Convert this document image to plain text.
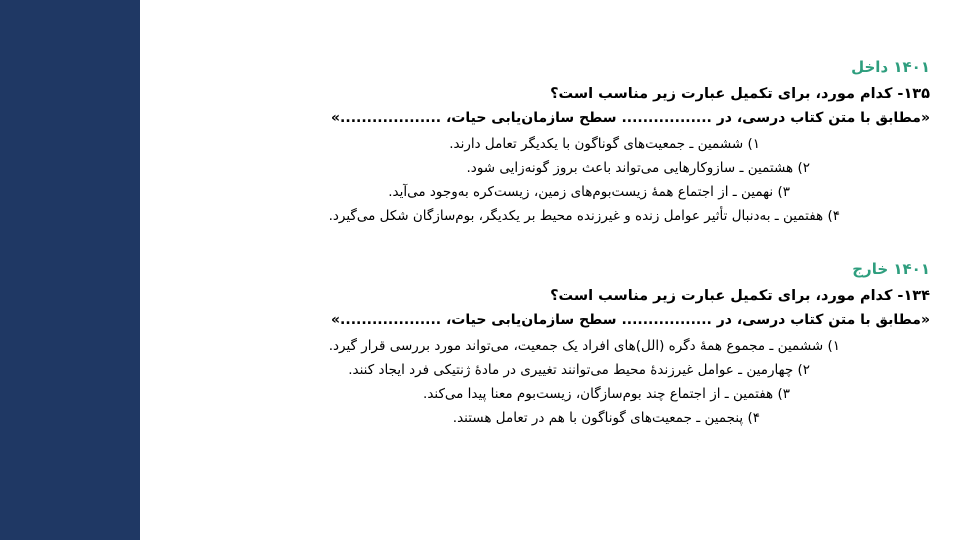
۱۴۰۱ داخل
۱۳۵- کدام مورد، برای تکمیل عبارت زیر مناسب است؟
«مطابق با متن کتاب درسی، در ................. سطح سازمان‌یابی حیات، ...................»
۱) ششمین ـ جمعیت‌های گوناگون با یکدیگر تعامل دارند.
۲) هشتمین ـ سازوکارهایی می‌تواند باعث بروز گونه‌زایی شود.
۳) نهمین ـ از اجتماع همهٔ زیست‌بوم‌های زمین، زیست‌کره به‌وجود می‌آید.
۴) هفتمین ـ به‌دنبال تأثیر عوامل زنده و غیرزنده محیط بر یکدیگر، بوم‌سازگان شکل می‌گیرد.
۱۴۰۱ خارج
۱۳۴- کدام مورد، برای تکمیل عبارت زیر مناسب است؟
«مطابق با متن کتاب درسی، در ................. سطح سازمان‌یابی حیات، ...................»
۱) ششمین ـ مجموع همهٔ دگره (الل)های افراد یک جمعیت، می‌تواند مورد بررسی قرار گیرد.
۲) چهارمین ـ عوامل غیرزندهٔ محیط می‌توانند تغییری در مادهٔ ژنتیکی فرد ایجاد کنند.
۳) هفتمین ـ از اجتماع چند بوم‌سازگان، زیست‌بوم معنا پیدا می‌کند.
۴) پنجمین ـ جمعیت‌های گوناگون با هم در تعامل هستند.
